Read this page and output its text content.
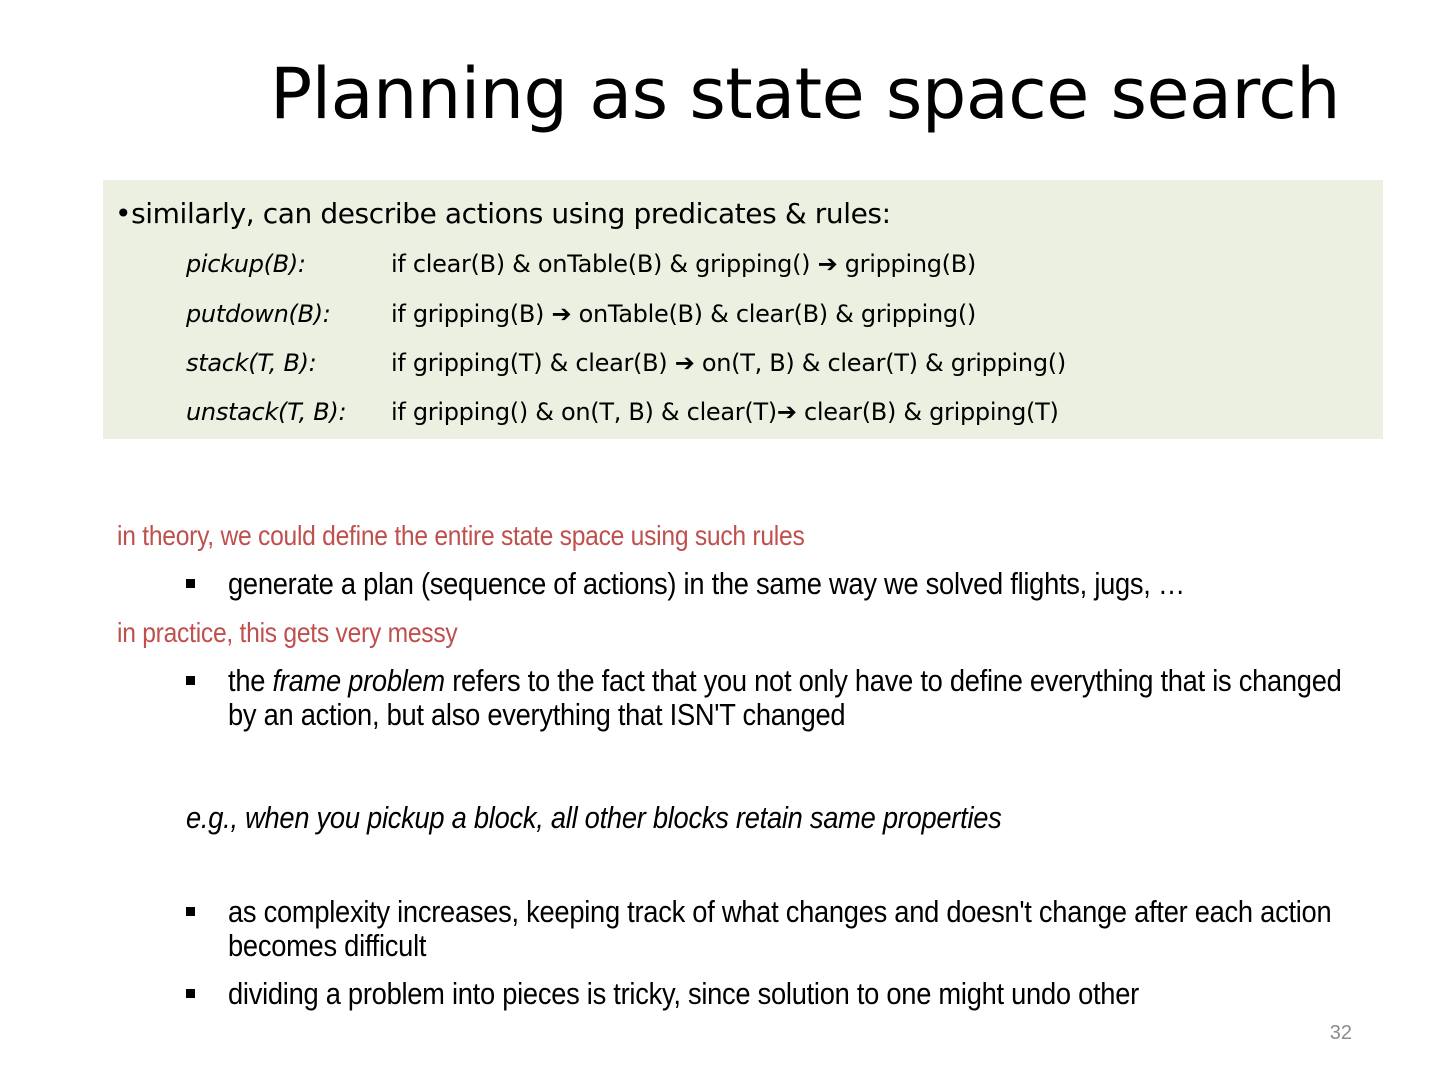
Planning as state space search
•similarly, can describe actions using predicates & rules:
pickup(B):	if clear(B) & onTable(B) & gripping() ➔ gripping(B)
putdown(B):	if gripping(B) ➔ onTable(B) & clear(B) & gripping()
stack(T, B):	if gripping(T) & clear(B) ➔ on(T, B) & clear(T) & gripping()
unstack(T, B): if gripping() & on(T, B) & clear(T)➔ clear(B) & gripping(T)
in theory, we could define the entire state space using such rules
generate a plan (sequence of actions) in the same way we solved flights, jugs, …
in practice, this gets very messy
the frame problem refers to the fact that you not only have to define everything that is changed by an action, but also everything that ISN'T changed
e.g., when you pickup a block, all other blocks retain same properties
as complexity increases, keeping track of what changes and doesn't change after each action becomes difficult
dividing a problem into pieces is tricky, since solution to one might undo other
32
